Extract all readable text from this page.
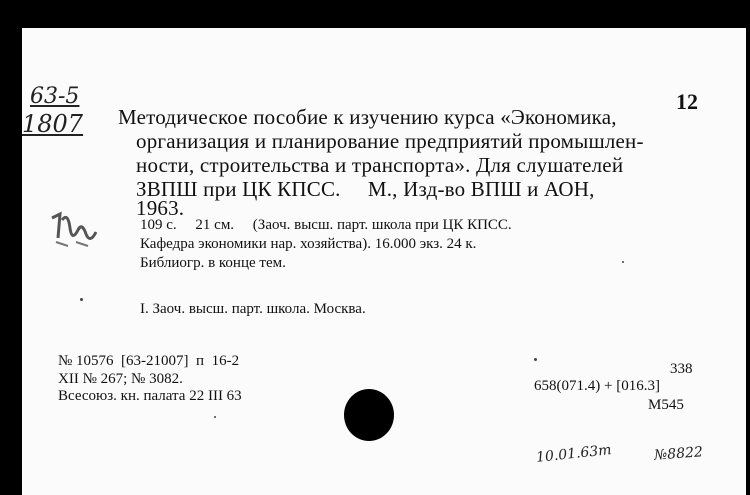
63-5
1807
12
Методическое пособие к изучению курса «Экономика,
организация и планирование предприятий промышлен-
ности, строительства и транспорта». Для слушателей
ЗВПШ при ЦК КПСС.     М., Изд-во ВПШ и АОН,
1963.
109 с.     21 см.     (Заоч. высш. парт. школа при ЦК КПСС.
Кафедра экономики нар. хозяйства). 16.000 экз. 24 к.
Библиогр. в конце тем.
I. Заоч. высш. парт. школа. Москва.
№ 10576  [63-21007]  п  16-2
XII № 267; № 3082.
Всесоюз. кн. палата 22 III 63
338
658(071.4) + [016.3]
М545
10.01.63т	№8822
